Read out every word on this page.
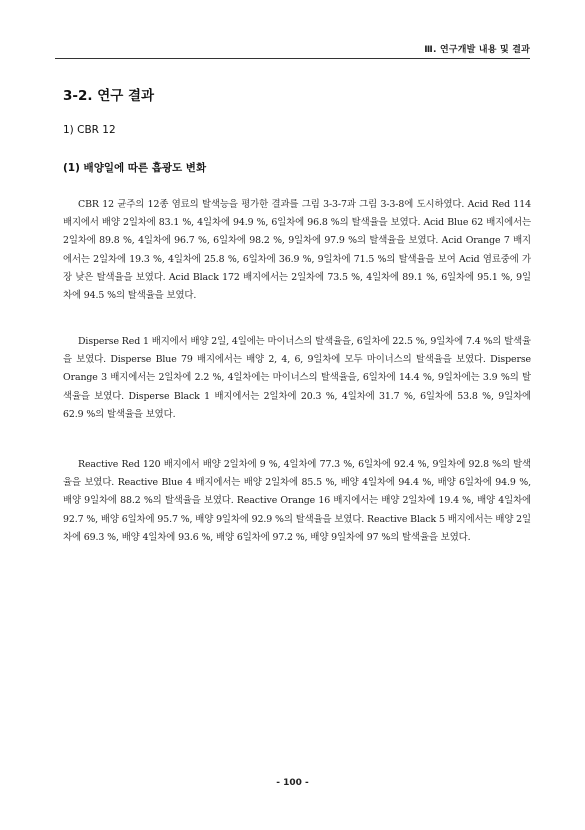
Ⅲ. 연구개발 내용 및 결과
3-2. 연구 결과
1) CBR 12
(1) 배양일에 따른 흡광도 변화

CBR 12 균주의 12종 염료의 탈색능을 평가한 결과를 그림 3-3-7과 그림 3-3-8에 도시하였다. Acid Red 114 배지에서 배양 2일차에 83.1 %, 4일차에 94.9 %, 6일차에 96.8 %의 탈색율을 보였다. Acid Blue 62 배지에서는 2일차에 89.8 %, 4일차에 96.7 %, 6일차에 98.2 %, 9일차에 97.9 %의 탈색율을 보였다. Acid Orange 7 배지에서는 2일차에 19.3 %, 4일차에 25.8 %, 6일차에 36.9 %, 9일차에 71.5 %의 탈색율을 보여 Acid 염료중에 가장 낮은 탈색율을 보였다. Acid Black 172 배지에서는 2일차에 73.5 %, 4일차에 89.1 %, 6일차에 95.1 %, 9일차에 94.5 %의 탈색율을 보였다.

Disperse Red 1 배지에서 배양 2일, 4일에는 마이너스의 탈색율을, 6일차에 22.5 %, 9일차에 7.4 %의 탈색율을 보였다. Disperse Blue 79 배지에서는 배양 2, 4, 6, 9일차에 모두 마이너스의 탈색율을 보였다. Disperse Orange 3 배지에서는 2일차에 2.2 %, 4일차에는 마이너스의 탈색율을, 6일차에 14.4 %, 9일차에는 3.9 %의 탈색율을 보였다. Disperse Black 1 배지에서는 2일차에 20.3 %, 4일차에 31.7 %, 6일차에 53.8 %, 9일차에 62.9 %의 탈색율을 보였다.

Reactive Red 120 배지에서 배양 2일차에 9 %, 4일차에 77.3 %, 6일차에 92.4 %, 9일차에 92.8 %의 탈색율을 보였다. Reactive Blue 4 배지에서는 배양 2일차에 85.5 %, 배양 4일차에 94.4 %, 배양 6일차에 94.9 %, 배양 9일차에 88.2 %의 탈색율을 보였다. Reactive Orange 16 배지에서는 배양 2일차에 19.4 %, 배양 4일차에 92.7 %, 배양 6일차에 95.7 %, 배양 9일차에 92.9 %의 탈색율을 보였다. Reactive Black 5 배지에서는 배양 2일차에 69.3 %, 배양 4일차에 93.6 %, 배양 6일차에 97.2 %, 배양 9일차에 97 %의 탈색율을 보였다.

- 100 -
